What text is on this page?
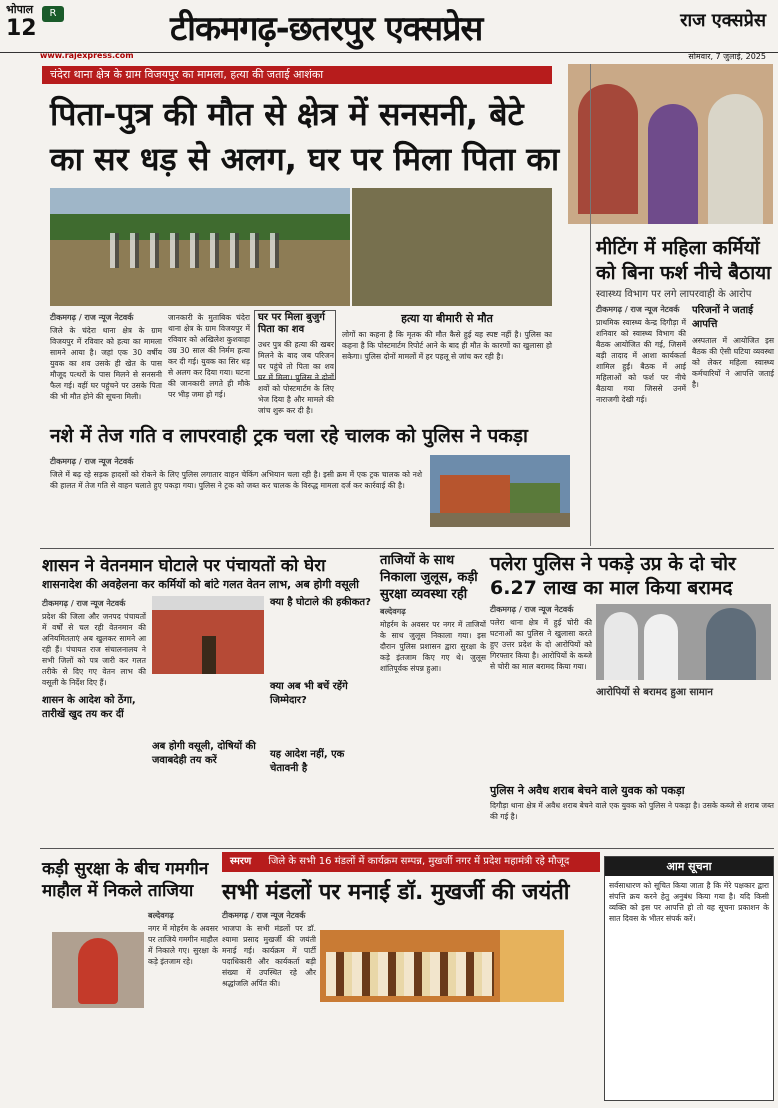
भोपाल
12
R	टीकमगढ़-छतरपुर एक्सप्रेस	राज एक्सप्रेस
www.rajexpress.com	सोमवार, 7 जुलाई, 2025
चंदेरा थाना क्षेत्र के ग्राम विजयपुर का मामला, हत्या की जताई आशंका
पिता-पुत्र की मौत से क्षेत्र में सनसनी, बेटे का सर धड़ से अलग, घर पर मिला पिता का
टीकमगढ़ / राज न्यूज नेटवर्क
जिले के चंदेरा थाना क्षेत्र के ग्राम विजयपुर में रविवार को हत्या का मामला सामने आया है। जहां एक 30 वर्षीय युवक का शव उसके ही खेत के पास मौजूद पत्थरों के पास मिलने से सनसनी फैल गई। वहीं घर पहुंचने पर उसके पिता की भी मौत होने की सूचना मिली।
जानकारी के मुताबिक चंदेरा थाना क्षेत्र के ग्राम विजयपुर में रविवार को अखिलेश कुशवाहा उम्र 30 साल की निर्मम हत्या कर दी गई। युवक का सिर धड़ से अलग कर दिया गया। घटना की जानकारी लगते ही मौके पर भीड़ जमा हो गई।
घर पर मिला बुजुर्ग पिता का शव
उधर पुत्र की हत्या की खबर मिलने के बाद जब परिजन घर पहुंचे तो पिता का शव घर में मिला। पुलिस ने दोनों शवों को पोस्टमार्टम के लिए भेज दिया है और मामले की जांच शुरू कर दी है।
हत्या या बीमारी से मौत
लोगों का कहना है कि मृतक की मौत कैसे हुई यह स्पष्ट नहीं है। पुलिस का कहना है कि पोस्टमार्टम रिपोर्ट आने के बाद ही मौत के कारणों का खुलासा हो सकेगा। पुलिस दोनों मामलों में हर पहलू से जांच कर रही है।
मीटिंग में महिला कर्मियों को बिना फर्श नीचे बैठाया
स्वास्थ्य विभाग पर लगे लापरवाही के आरोप
टीकमगढ़ / राज न्यूज नेटवर्क
प्राथमिक स्वास्थ्य केन्द्र दिगौड़ा में शनिवार को स्वास्थ्य विभाग की बैठक आयोजित की गई, जिसमें बड़ी तादाद में आशा कार्यकर्ता शामिल हुईं। बैठक में आई महिलाओं को फर्श पर नीचे बैठाया गया जिससे उनमें नाराजगी देखी गई।
परिजनों ने जताई आपत्ति
अस्पताल में आयोजित इस बैठक की ऐसी घटिया व्यवस्था को लेकर महिला स्वास्थ्य कर्मचारियों ने आपत्ति जताई है।
नशे में तेज गति व लापरवाही ट्रक चला रहे चालक को पुलिस ने पकड़ा
टीकमगढ़ / राज न्यूज नेटवर्क
जिले में बढ़ रहे सड़क हादसों को रोकने के लिए पुलिस लगातार वाहन चेकिंग अभियान चला रही है। इसी क्रम में एक ट्रक चालक को नशे की हालत में तेज गति से वाहन चलाते हुए पकड़ा गया। पुलिस ने ट्रक को जब्त कर चालक के विरुद्ध मामला दर्ज कर कार्रवाई की है।
शासन ने वेतनमान घोटाले पर पंचायतों को घेरा
शासनादेश की अवहेलना कर कर्मियों को बांटे गलत वेतन लाभ, अब होगी वसूली
टीकमगढ़ / राज न्यूज नेटवर्क
प्रदेश की जिला और जनपद पंचायतों में वर्षों से चल रही वेतनमान की अनियमितताएं अब खुलकर सामने आ रही हैं। पंचायत राज संचालनालय ने सभी जिलों को पत्र जारी कर गलत तरीके से दिए गए वेतन लाभ की वसूली के निर्देश दिए हैं।
शासन के आदेश को ठेंगा, तारीखें खुद तय कर दीं
अब होगी वसूली, दोषियों की जवाबदेही तय करें
क्या है घोटाले की हकीकत?
क्या अब भी बचें रहेंगे जिम्मेदार?
यह आदेश नहीं, एक चेतावनी है
ताजियों के साथ निकाला जुलूस, कड़ी सुरक्षा व्यवस्था रही
बल्देवगढ़
मोहर्रम के अवसर पर नगर में ताजियों के साथ जुलूस निकाला गया। इस दौरान पुलिस प्रशासन द्वारा सुरक्षा के कड़े इंतजाम किए गए थे। जुलूस शांतिपूर्वक संपन्न हुआ।
पलेरा पुलिस ने पकड़े उप्र के दो चोर 6.27 लाख का माल किया बरामद
टीकमगढ़ / राज न्यूज नेटवर्क
पलेरा थाना क्षेत्र में हुई चोरी की घटनाओं का पुलिस ने खुलासा करते हुए उत्तर प्रदेश के दो आरोपियों को गिरफ्तार किया है। आरोपियों के कब्जे से चोरी का माल बरामद किया गया।
आरोपियों से बरामद हुआ सामान
पुलिस ने अवैध शराब बेचने वाले युवक को पकड़ा
दिगौड़ा थाना क्षेत्र में अवैध शराब बेचने वाले एक युवक को पुलिस ने पकड़ा है। उसके कब्जे से शराब जब्त की गई है।
कड़ी सुरक्षा के बीच गमगीन माहौल में निकले ताजिया
बल्देवगढ़
नगर में मोहर्रम के अवसर पर ताजिये गमगीन माहौल में निकाले गए। सुरक्षा के कड़े इंतजाम रहे।
स्मरण जिले के सभी 16 मंडलों में कार्यक्रम सम्पन्न, मुखर्जी नगर में प्रदेश महामंत्री रहे मौजूद
सभी मंडलों पर मनाई डॉ. मुखर्जी की जयंती
टीकमगढ़ / राज न्यूज नेटवर्क
भाजपा के सभी मंडलों पर डॉ. श्यामा प्रसाद मुखर्जी की जयंती मनाई गई। कार्यक्रम में पार्टी पदाधिकारी और कार्यकर्ता बड़ी संख्या में उपस्थित रहे और श्रद्धांजलि अर्पित की।
आम सूचना
सर्वसाधारण को सूचित किया जाता है कि मेरे पक्षकार द्वारा संपत्ति क्रय करने हेतु अनुबंध किया गया है। यदि किसी व्यक्ति को इस पर आपत्ति हो तो वह सूचना प्रकाशन के सात दिवस के भीतर संपर्क करें।
